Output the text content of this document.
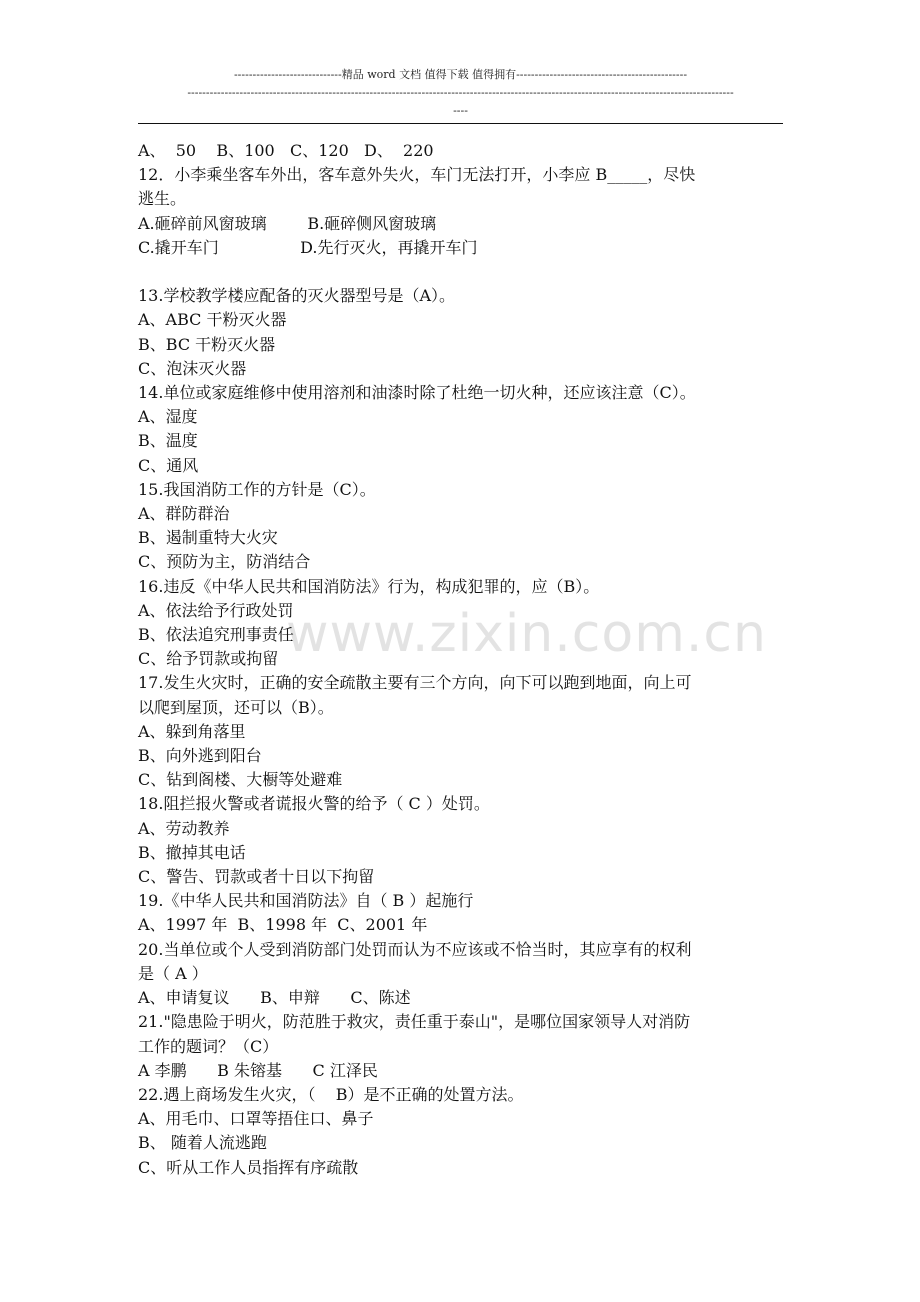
-----------------------------精品 word 文档 值得下载 值得拥有----------------------------------------------
---------------------------------------------------------------------------------------------------------------------------------------------------
----
www.zixin.com.cn
A、  50    B、100   C、120   D、  220
12．小李乘坐客车外出，客车意外失火，车门无法打开，小李应 B_____，尽快
逃生。
A.砸碎前风窗玻璃        B.砸碎侧风窗玻璃
C.撬开车门                D.先行灭火，再撬开车门
13.学校教学楼应配备的灭火器型号是（A）。
A、ABC 干粉灭火器
B、BC 干粉灭火器
C、泡沫灭火器
14.单位或家庭维修中使用溶剂和油漆时除了杜绝一切火种，还应该注意（C）。
A、湿度
B、温度
C、通风
15.我国消防工作的方针是（C）。
A、群防群治
B、遏制重特大火灾
C、预防为主，防消结合
16.违反《中华人民共和国消防法》行为，构成犯罪的，应（B）。
A、依法给予行政处罚
B、依法追究刑事责任
C、给予罚款或拘留
17.发生火灾时，正确的安全疏散主要有三个方向，向下可以跑到地面，向上可
以爬到屋顶，还可以（B）。
A、躲到角落里
B、向外逃到阳台
C、钻到阁楼、大橱等处避难
18.阻拦报火警或者谎报火警的给予（ C ）处罚。
A、劳动教养
B、撤掉其电话
C、警告、罚款或者十日以下拘留
19.《中华人民共和国消防法》自（ B ）起施行
A、1997 年  B、1998 年  C、2001 年
20.当单位或个人受到消防部门处罚而认为不应该或不恰当时，其应享有的权利
是（ A ）
A、申请复议      B、申辩      C、陈述
21."隐患险于明火，防范胜于救灾，责任重于泰山"，是哪位国家领导人对消防
工作的题词？（C）
A 李鹏      B 朱镕基      C 江泽民
22.遇上商场发生火灾，（    B）是不正确的处置方法。
A、用毛巾、口罩等捂住口、鼻子
B、 随着人流逃跑
C、听从工作人员指挥有序疏散
